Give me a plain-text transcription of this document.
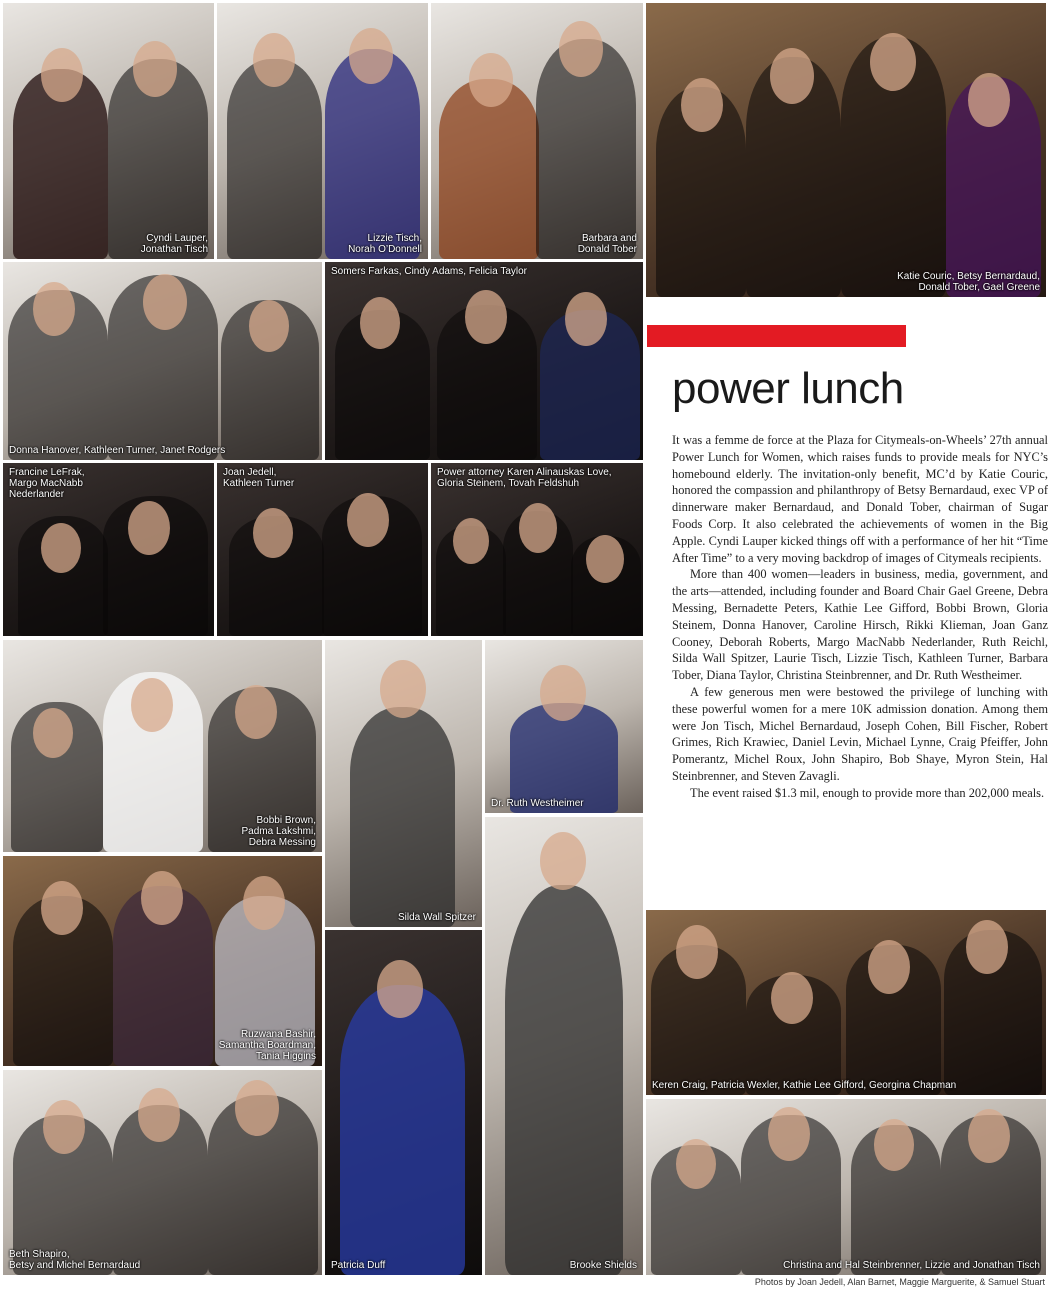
Cyndi Lauper,
Jonathan Tisch
Lizzie Tisch,
Norah O’Donnell
Barbara and
Donald Tober
Katie Couric, Betsy Bernardaud,
Donald Tober, Gael Greene
Donna Hanover, Kathleen Turner, Janet Rodgers
Somers Farkas, Cindy Adams, Felicia Taylor
Francine LeFrak,
Margo MacNabb
Nederlander
Joan Jedell,
Kathleen Turner
Power attorney Karen Alinauskas Love,
Gloria Steinem, Tovah Feldshuh
Bobbi Brown,
Padma Lakshmi,
Debra Messing
Silda Wall Spitzer
Dr. Ruth Westheimer
power lunch

It was a femme de force at the Plaza for Citymeals-on-Wheels’ 27th annual Power Lunch for Women, which raises funds to provide meals for NYC’s homebound elderly. The invitation-only benefit, MC’d by Katie Couric, honored the compassion and philanthropy of Betsy Bernardaud, exec VP of dinnerware maker Bernardaud, and Donald Tober, chairman of Sugar Foods Corp. It also celebrated the achievements of women in the Big Apple. Cyndi Lauper kicked things off with a performance of her hit “Time After Time” to a very moving backdrop of images of Citymeals recipients.

More than 400 women—leaders in business, media, government, and the arts—attended, including founder and Board Chair Gael Greene, Debra Messing, Bernadette Peters, Kathie Lee Gifford, Bobbi Brown, Gloria Steinem, Donna Hanover, Caroline Hirsch, Rikki Klieman, Joan Ganz Cooney, Deborah Roberts, Margo MacNabb Nederlander, Ruth Reichl, Silda Wall Spitzer, Laurie Tisch, Lizzie Tisch, Kathleen Turner, Barbara Tober, Diana Taylor, Christina Steinbrenner, and Dr. Ruth Westheimer.

A few generous men were bestowed the privilege of lunching with these powerful women for a mere 10K admission donation. Among them were Jon Tisch, Michel Bernardaud, Joseph Cohen, Bill Fischer, Robert Grimes, Rich Krawiec, Daniel Levin, Michael Lynne, Craig Pfeiffer, John Pomerantz, Michel Roux, John Shapiro, Bob Shaye, Myron Stein, Hal Steinbrenner, and Steven Zavagli.

The event raised $1.3 mil, enough to provide more than 202,000 meals.

Ruzwana Bashir,
Samantha Boardman,
Tania Higgins
Patricia Duff	Brooke Shields
Keren Craig, Patricia Wexler, Kathie Lee Gifford, Georgina Chapman
Beth Shapiro,
Betsy and Michel Bernardaud	Christina and Hal Steinbrenner, Lizzie and Jonathan Tisch
Photos by Joan Jedell, Alan Barnet, Maggie Marguerite, & Samuel Stuart
